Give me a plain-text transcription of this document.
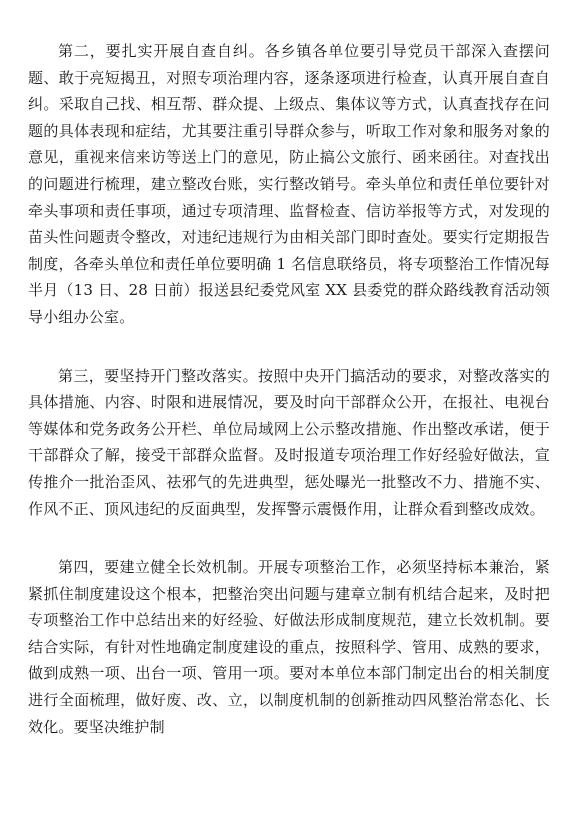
第二，要扎实开展自查自纠。各乡镇各单位要引导党员干部深入查摆问题、敢于亮短揭丑，对照专项治理内容，逐条逐项进行检查，认真开展自查自纠。采取自己找、相互帮、群众提、上级点、集体议等方式，认真查找存在问题的具体表现和症结，尤其要注重引导群众参与，听取工作对象和服务对象的意见，重视来信来访等送上门的意见，防止搞公文旅行、函来函往。对查找出的问题进行梳理，建立整改台账，实行整改销号。牵头单位和责任单位要针对牵头事项和责任事项，通过专项清理、监督检查、信访举报等方式，对发现的苗头性问题责令整改，对违纪违规行为由相关部门即时查处。要实行定期报告制度，各牵头单位和责任单位要明确 1 名信息联络员，将专项整治工作情况每半月（13 日、28 日前）报送县纪委党风室 XX 县委党的群众路线教育活动领导小组办公室。

第三，要坚持开门整改落实。按照中央开门搞活动的要求，对整改落实的具体措施、内容、时限和进展情况，要及时向干部群众公开，在报社、电视台等媒体和党务政务公开栏、单位局域网上公示整改措施、作出整改承诺，便于干部群众了解，接受干部群众监督。及时报道专项治理工作好经验好做法，宣传推介一批治歪风、祛邪气的先进典型，惩处曝光一批整改不力、措施不实、作风不正、顶风违纪的反面典型，发挥警示震慑作用，让群众看到整改成效。

第四，要建立健全长效机制。开展专项整治工作，必须坚持标本兼治，紧紧抓住制度建设这个根本，把整治突出问题与建章立制有机结合起来，及时把专项整治工作中总结出来的好经验、好做法形成制度规范，建立长效机制。要结合实际，有针对性地确定制度建设的重点，按照科学、管用、成熟的要求，做到成熟一项、出台一项、管用一项。要对本单位本部门制定出台的相关制度进行全面梳理，做好废、改、立，以制度机制的创新推动四风整治常态化、长效化。要坚决维护制
